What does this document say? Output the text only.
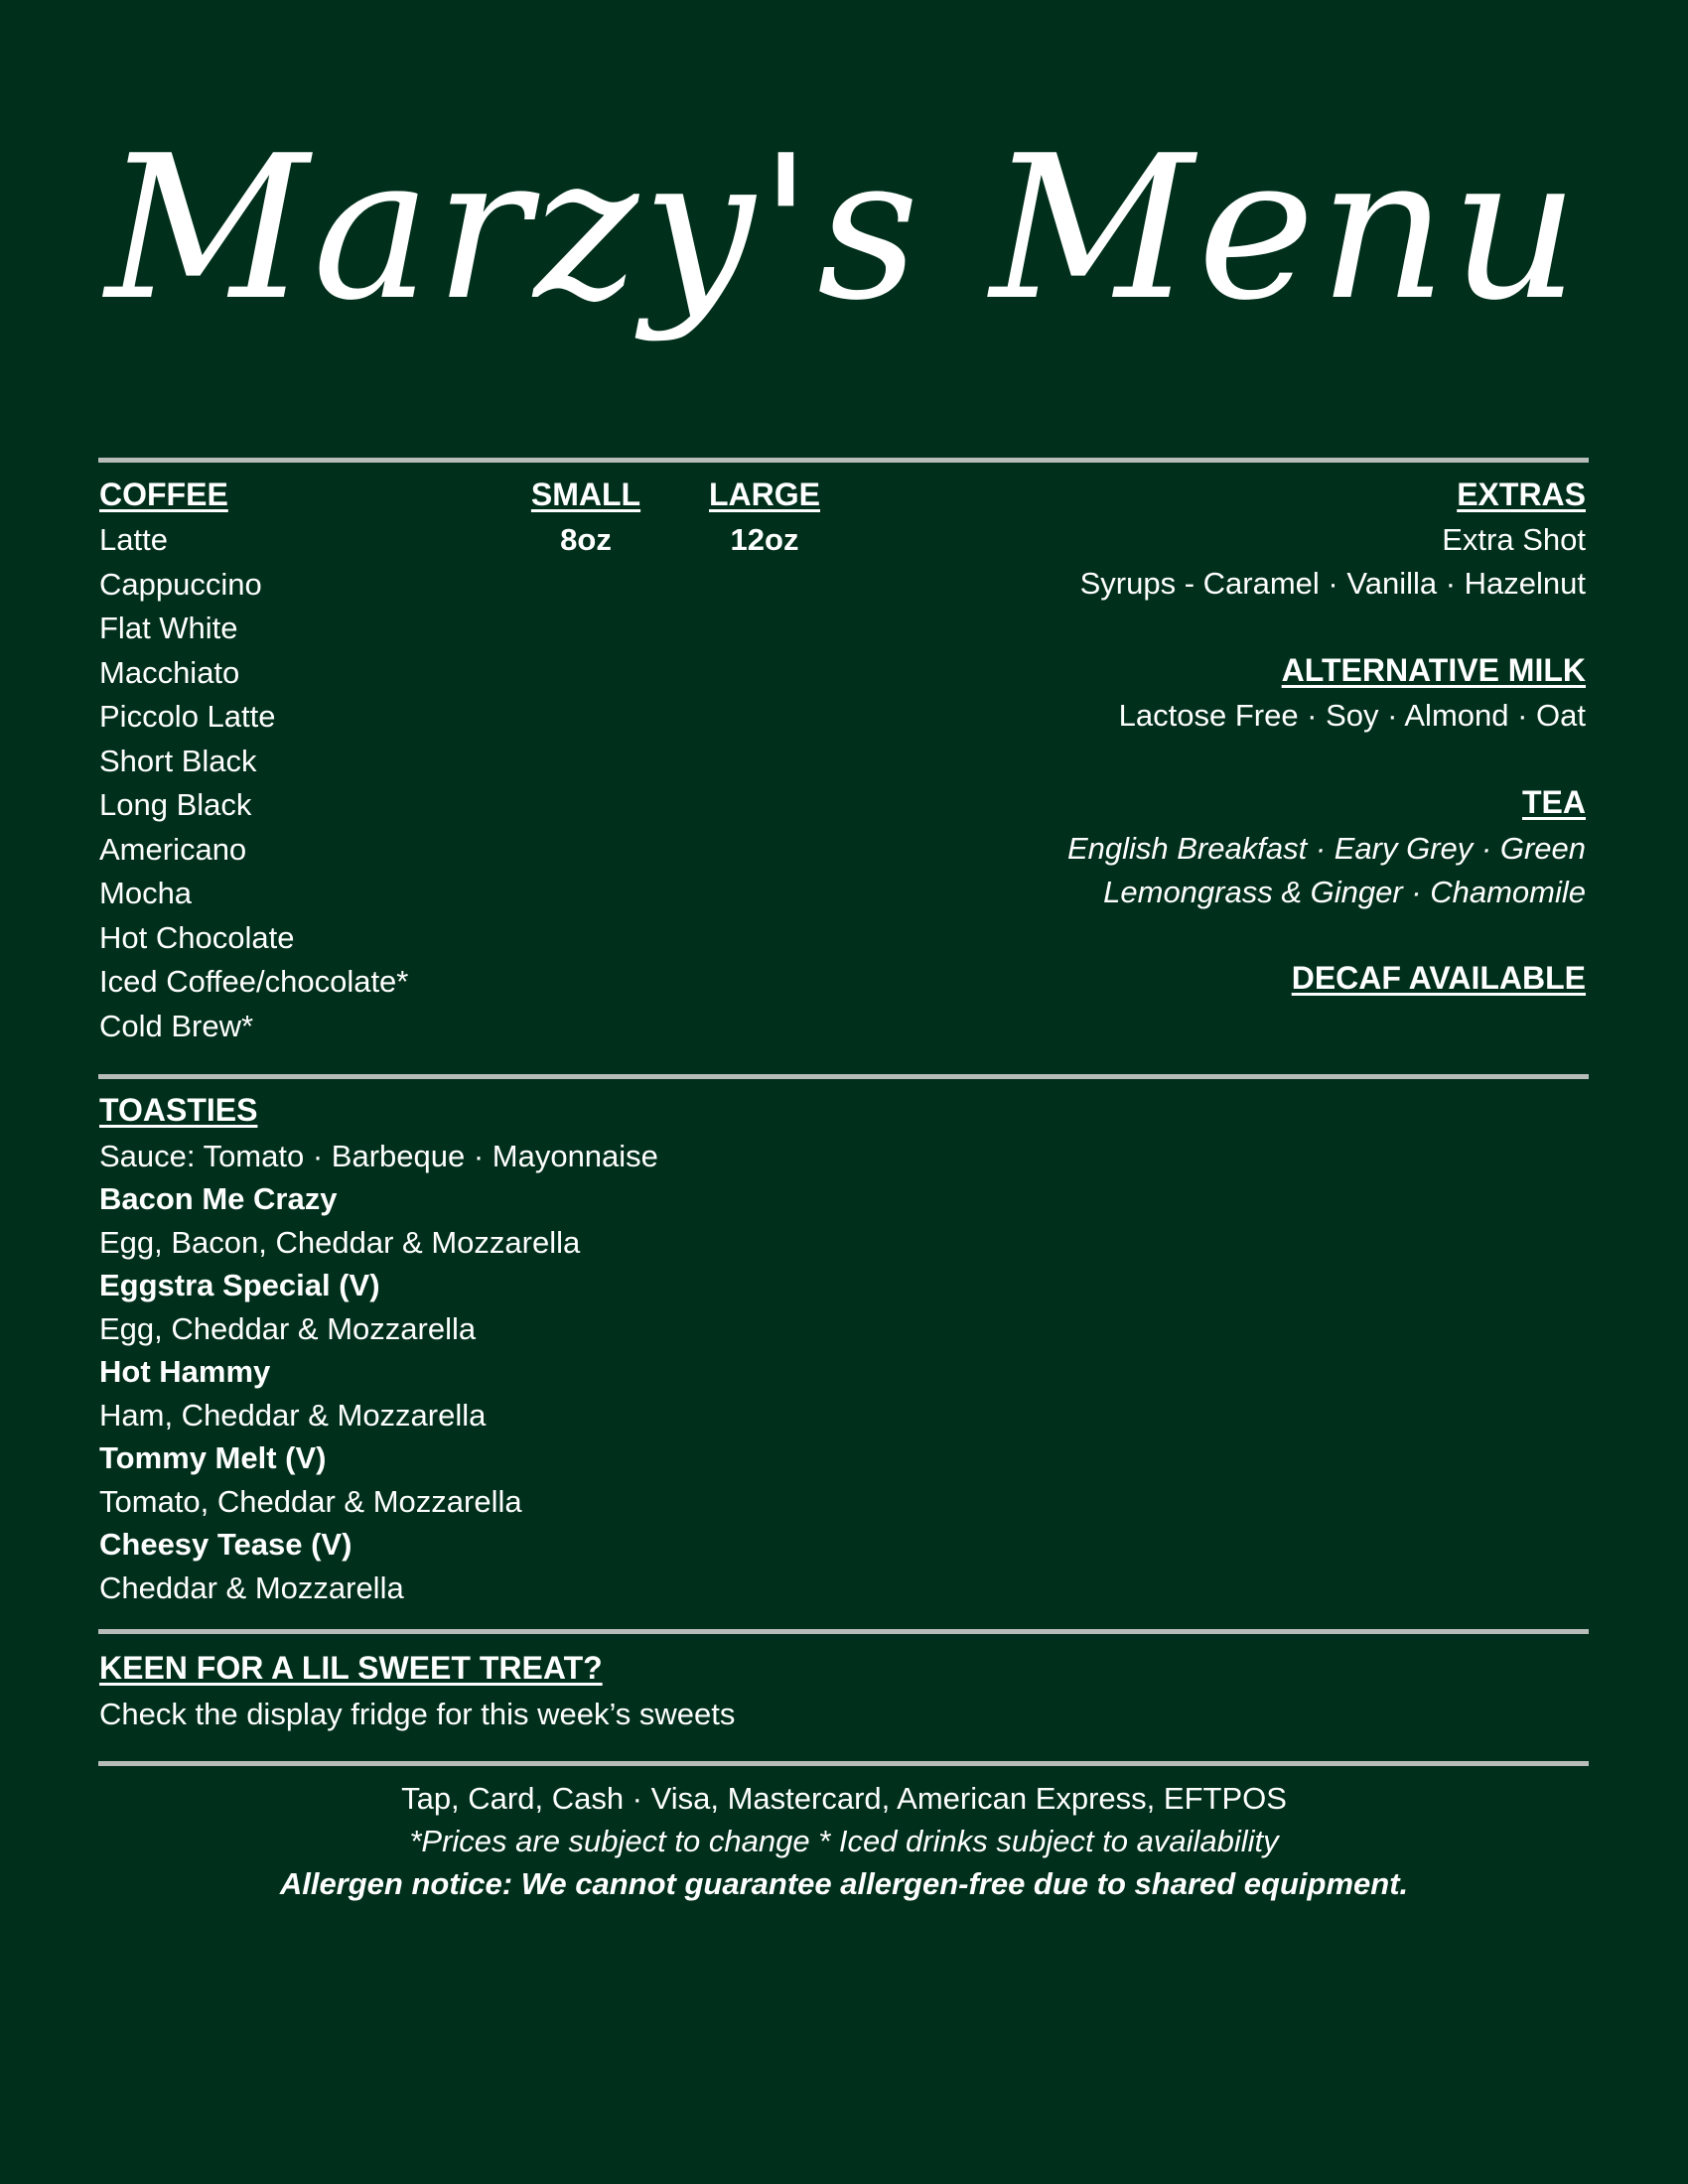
Marzy's Menu
COFFEE
Latte
Cappuccino
Flat White
Macchiato
Piccolo Latte
Short Black
Long Black
Americano
Mocha
Hot Chocolate
Iced Coffee/chocolate*
Cold Brew*
SMALL
8oz
LARGE
12oz
EXTRAS
Extra Shot
Syrups - Caramel · Vanilla · Hazelnut
ALTERNATIVE MILK
Lactose Free · Soy · Almond · Oat
TEA
English Breakfast · Eary Grey · Green
Lemongrass & Ginger · Chamomile
DECAF AVAILABLE
TOASTIES
Sauce: Tomato · Barbeque · Mayonnaise
Bacon Me Crazy
Egg, Bacon, Cheddar & Mozzarella
Eggstra Special (V)
Egg, Cheddar & Mozzarella
Hot Hammy
Ham, Cheddar & Mozzarella
Tommy Melt (V)
Tomato, Cheddar & Mozzarella
Cheesy Tease (V)
Cheddar & Mozzarella
KEEN FOR A LIL SWEET TREAT?
Check the display fridge for this week’s sweets
Tap, Card, Cash · Visa, Mastercard, American Express, EFTPOS
*Prices are subject to change * Iced drinks subject to availability
Allergen notice: We cannot guarantee allergen-free due to shared equipment.
